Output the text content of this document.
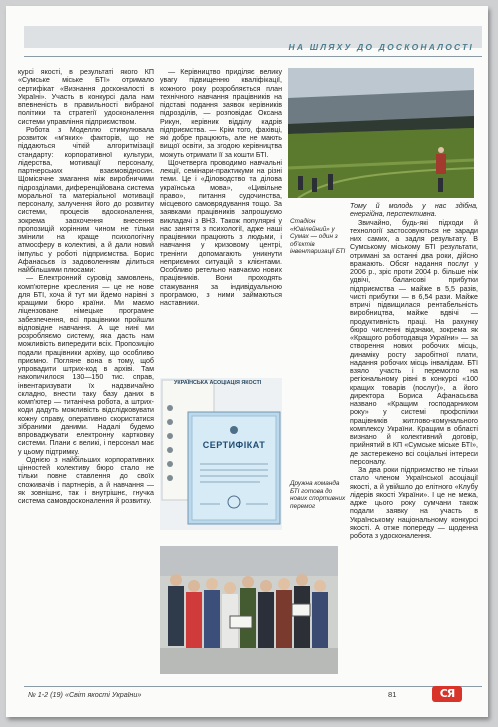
НА ШЛЯХУ ДО ДОСКОНАЛОСТІ

курсі якості, в результаті якого КП «Сумське міське БТІ» отримало сертифікат «Визнання досконалості в Україні». Участь в конкурсі дала нам впевненість в правильності вибраної політики та стратегії удосконалення системи управління підприємством.

Робота з Моделлю стимулювала розвиток «м'яких» факторів, що не піддаються чіткій алгоритмізації стандарту: корпоративної культури, лідерства, мотивації персоналу, партнерських взаємовідносин. Щомісячне змагання між виробничими підрозділами, диференційована система моральної та матеріальної мотивації персоналу, залучення його до розвитку системи, процесів вдосконалення, зокрема заохочення внесення пропозицій корінним чином не тільки змінили на краще психологічну атмосферу в колективі, а й дали новий імпульс у роботі підприємства. Борис Афанасьєв із задоволенням ділиться найбільшими плюсами:

— Електронний суровід замовлень, комп'ютерне кресления — це не нове для БТІ, хоча й тут ми йдемо нарівні з кращими бюро країни. Ми маємо ліцензоване німецьке програмне забезпечення, всі працівники пройшли відповідне навчання. А ще нині ми розробляємо систему, яка дасть нам можливість випередити всіх. Пропозицію подали працівники архіву, що особливо приємно. Погляне вона в тому, щоб упровадити штрих-код в архіві. Там накопичилося 130—150 тис. справ, інвентаризувати їх надзвичайно складно, внести таку базу даних в комп'ютер — титанічна робота, а штрих-коди дадуть можливість відслідковувати кожну справу, оперативно скористатися зібраними даними. Надалі будемо впроваджувати електронну картковку системи. Плани є великі, і персонал має у цьому підтримку.

Однією з найбільших корпоративних цінностей колективу бюро стало не тільки повне ставлення до своїх споживачів і партнерів, а й навчання — як зовнішнє, так і внутрішнє, гнучка система самовдосконалення й розвитку.

— Керівництво приділяє велику увагу підвищенню кваліфікації, кожного року розробляється план технічного навчання працівників на підставі подання заявок керівників підрозділів, — розповідає Оксана Рикун, керівник відділу кадрів підприємства. — Крім того, фахівці, які добре працюють, але не мають вищої освіти, за згодою керівництва можуть отримати її за кошти БТІ.

Щочетверга проводимо навчальні лекції, семінари-практикуми на різні теми. Це і «Діловодство та ділова українська мова», «Цивільне право», питання судочинства, місцевого самоврядування тощо. За заявками працівників запрошуємо викладачі з ВНЗ. Також популярні у нас заняття з психології, адже наші працівники працюють з людьми, і навчання у кризовому центрі, тренінги допомагають уникнути неприємних ситуацій з клієнтами. Особливо ретельно навчаємо нових працівників. Вони проходять стажування за індивідуальною програмою, з ними займаються наставники.

Стадіон «Ювілейний» у Сумах — один з об'єктів інвентаризації БТІ

Тому й молодь у нас здібна, енергійна, перспективна.

Звичайно, будь-які підходи й технології застосовуються не заради них самих, а задля результату. В Сумському міському БТІ результати, отримані за останні два роки, дійсно вражають. Обсяг надання послуг у 2006 р., зріс проти 2004 р. більше ніж удвічі, балансові прибутки підприємства — майже в 5,5 разів, чисті прибутки — в 6,54 рази. Майже втричі підвищилася рентабельність виробництва, майже вдвічі — продуктивність праці. На рахунку бюро численні відзнаки, зокрема як «Кращого роботодавця України» — за створення нових робочих місць, динаміку росту заробітної плати, надання робочих місць інвалідам. БТІ взяло участь і перемогло на регіональному рівні в конкурсі «100 кращих товарів (послуг)», а його директора Бориса Афанасьєва названо «Кращим господарником року» у системі профспілки працівників житлово-комунального комплексу України. Кращим в області визнано й колективний договір, прийнятий в КП «Сумське міське БТІ», де застережено всі соціальні інтереси персоналу.

За два роки підприємство не тільки стало членом Української асоціації якості, а й увійшло до елітного «Клубу лідерів якості України». І це не межа, адже цього року сумчани також подали заявку на участь в Українському національному конкурсі якості. А отже попереду — щоденна робота з удосконалення.

УКРАЇНСЬКА АСОЦІАЦІЯ ЯКОСТІ
СЕРТИФІКАТ
Дружна команда БТІ готова до нових спортивних перемог
№ 1-2 (19) «Світ якості України»	81	СЯ
